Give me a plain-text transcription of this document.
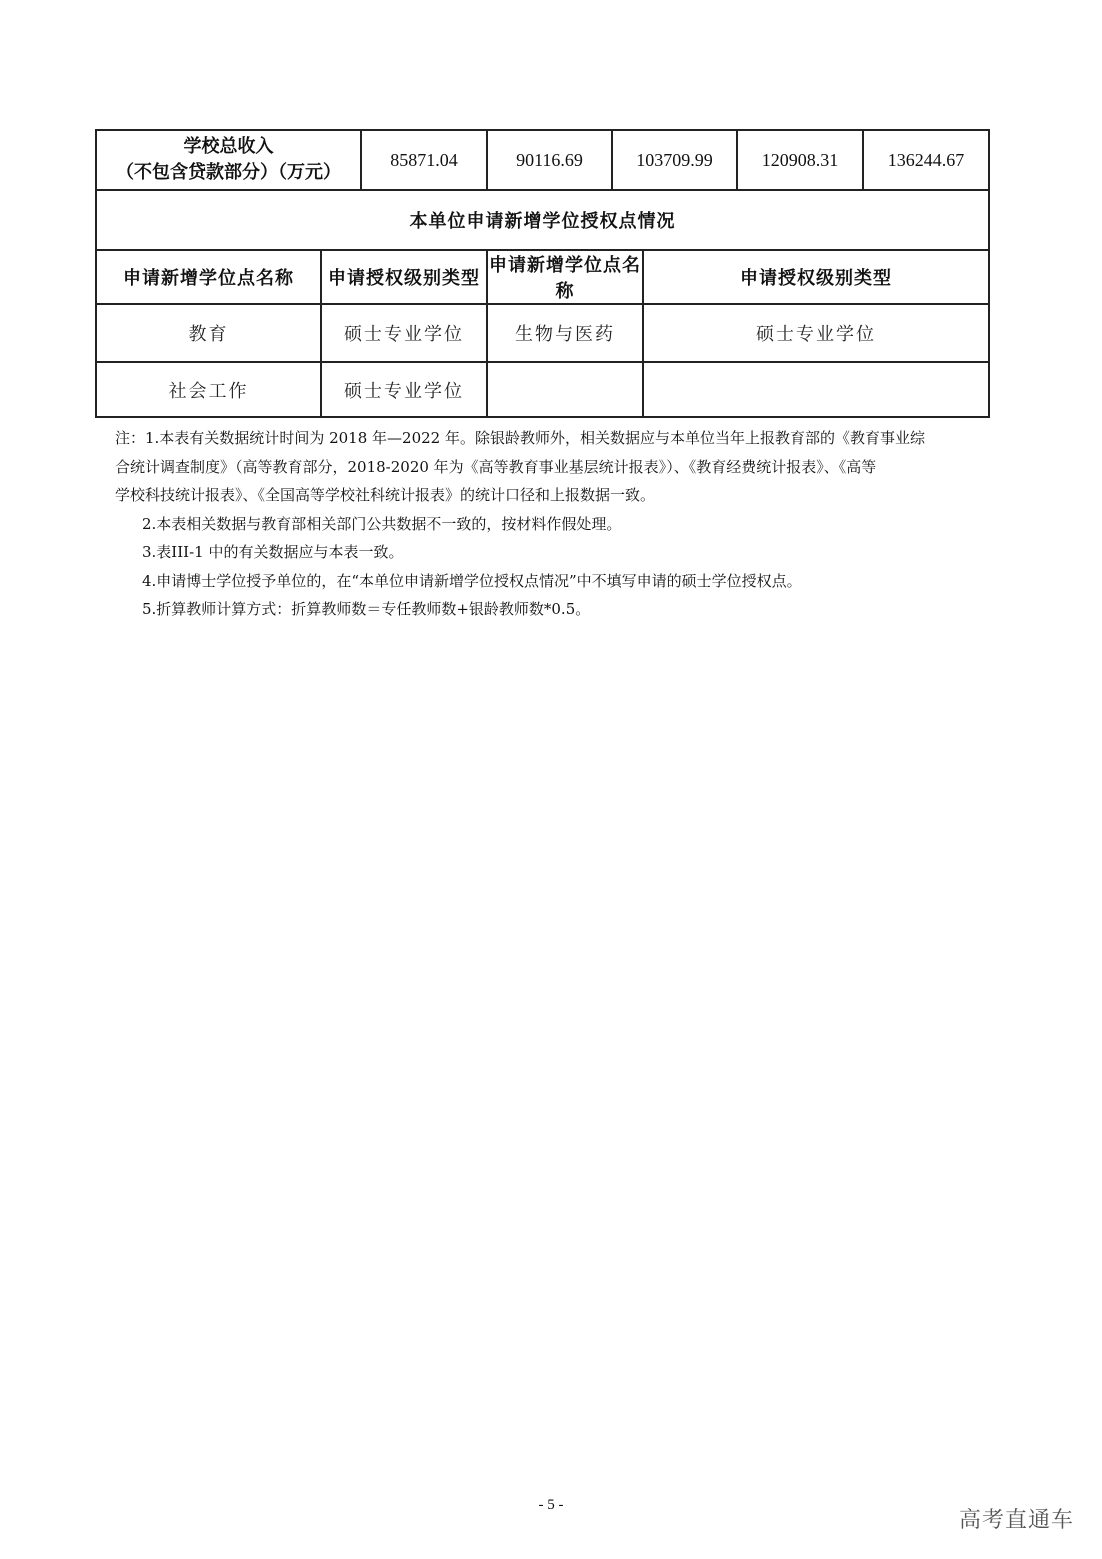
学校总收入
（不包含贷款部分）（万元）		85871.04	90116.69	103709.99		120908.31	136244.67
本单位申请新增学位授权点情况							
申请新增学位点名称	申请授权级别类型		申请新增学位点名称		申请授权级别类型		
教育	硕士专业学位		生物与医药		硕士专业学位		
社会工作	硕士专业学位						

注：1.本表有关数据统计时间为 2018 年—2022 年。除银龄教师外，相关数据应与本单位当年上报教育部的《教育事业综

合统计调查制度》（高等教育部分，2018-2020 年为《高等教育事业基层统计报表》）、《教育经费统计报表》、《高等

学校科技统计报表》、《全国高等学校社科统计报表》的统计口径和上报数据一致。

2.本表相关数据与教育部相关部门公共数据不一致的，按材料作假处理。

3.表III-1 中的有关数据应与本表一致。

4.申请博士学位授予单位的，在“本单位申请新增学位授权点情况”中不填写申请的硕士学位授权点。

5.折算教师计算方式：折算教师数＝专任教师数+银龄教师数*0.5。

- 5 -
高考直通车
